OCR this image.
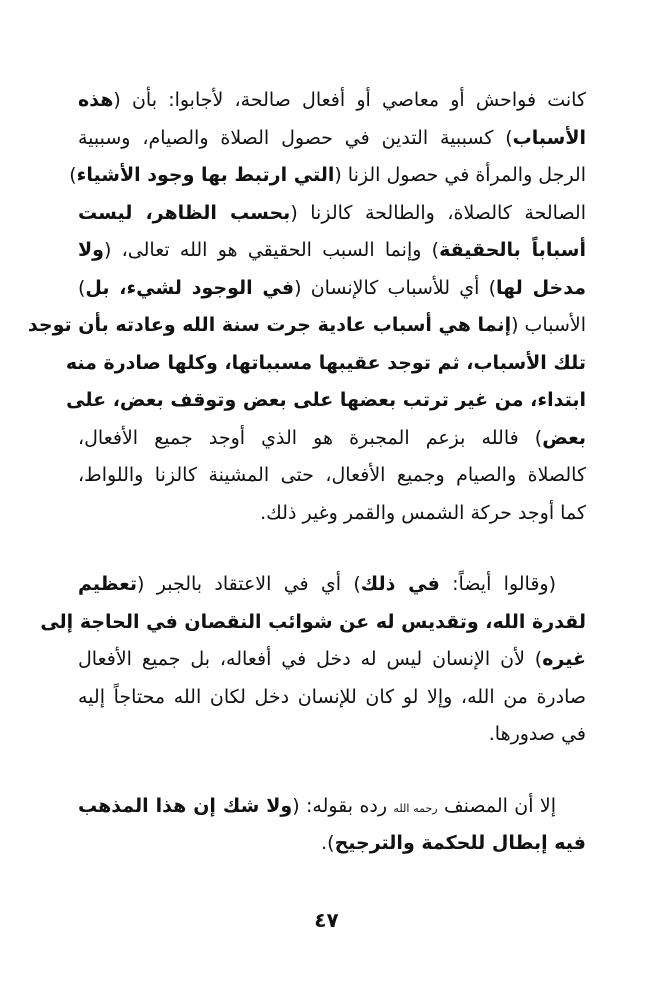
كانت فواحش أو معاصي أو أفعال صالحة، لأجابوا: بأن (هذه
الأسباب) كسببية التدين في حصول الصلاة والصيام، وسببية
الرجل والمرأة في حصول الزنا (التي ارتبط بها وجود الأشياء)
الصالحة كالصلاة، والطالحة كالزنا (بحسب الظاهر، ليست
أسباباً بالحقيقة) وإنما السبب الحقيقي هو الله تعالى، (ولا
مدخل لها) أي للأسباب كالإنسان (في الوجود لشيء، بل)
الأسباب (إنما هي أسباب عادية جرت سنة الله وعادته بأن توجد
تلك الأسباب، ثم توجد عقيبها مسبباتها، وكلها صادرة منه
ابتداء، من غير ترتب بعضها على بعض وتوقف بعض، على
بعض) فالله بزعم المجبرة هو الذي أوجد جميع الأفعال،
كالصلاة والصيام وجميع الأفعال، حتى المشينة كالزنا واللواط،
كما أوجد حركة الشمس والقمر وغير ذلك.
(وقالوا أيضاً: في ذلك) أي في الاعتقاد بالجبر (تعظيم
لقدرة الله، وتقديس له عن شوائب النقصان في الحاجة إلى
غيره) لأن الإنسان ليس له دخل في أفعاله، بل جميع الأفعال
صادرة من الله، وإلا لو كان للإنسان دخل لكان الله محتاجاً إليه
في صدورها.
إلا أن المصنف رحمه الله رده بقوله: (ولا شك إن هذا المذهب
فيه إبطال للحكمة والترجيح).
٤٧
